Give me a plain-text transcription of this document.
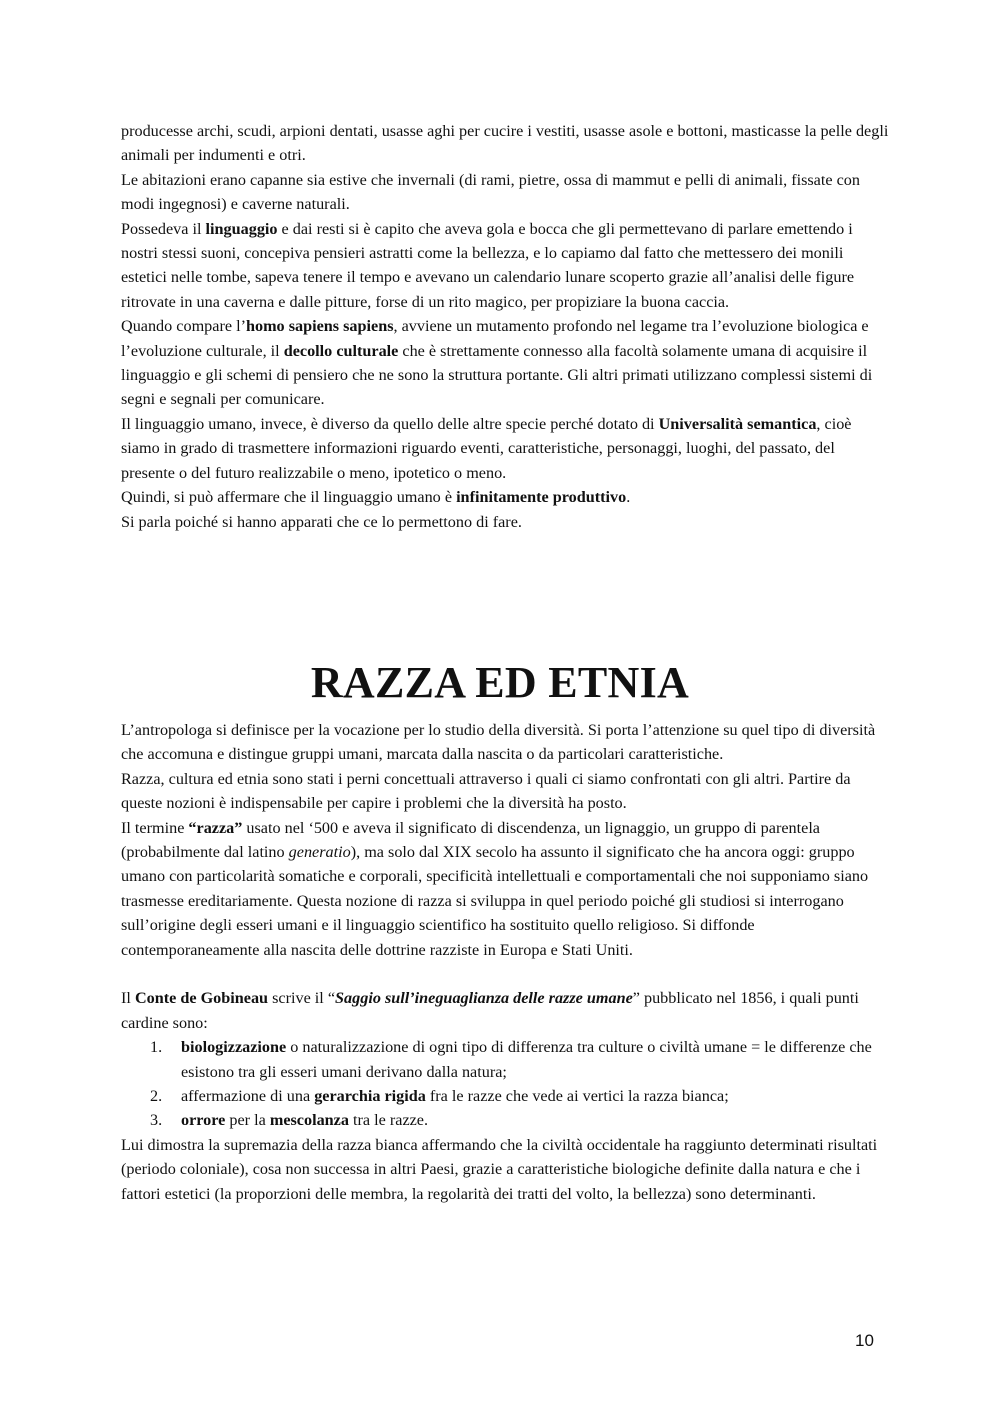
producesse archi, scudi, arpioni dentati, usasse aghi per cucire i vestiti, usasse asole e bottoni, masticasse la pelle degli animali per indumenti e otri.

Le abitazioni erano capanne sia estive che invernali (di rami, pietre, ossa di mammut e pelli di animali, fissate con modi ingegnosi) e caverne naturali.

Possedeva il linguaggio e dai resti si è capito che aveva gola e bocca che gli permettevano di parlare emettendo i nostri stessi suoni, concepiva pensieri astratti come la bellezza, e lo capiamo dal fatto che mettessero dei monili estetici nelle tombe, sapeva tenere il tempo e avevano un calendario lunare scoperto grazie all’analisi delle figure ritrovate in una caverna e dalle pitture, forse di un rito magico, per propiziare la buona caccia.

Quando compare l’homo sapiens sapiens, avviene un mutamento profondo nel legame tra l’evoluzione biologica e l’evoluzione culturale, il decollo culturale che è strettamente connesso alla facoltà solamente umana di acquisire il linguaggio e gli schemi di pensiero che ne sono la struttura portante. Gli altri primati utilizzano complessi sistemi di segni e segnali per comunicare.

Il linguaggio umano, invece, è diverso da quello delle altre specie perché dotato di Universalità semantica, cioè siamo in grado di trasmettere informazioni riguardo eventi, caratteristiche, personaggi, luoghi, del passato, del presente o del futuro realizzabile o meno, ipotetico o meno.

Quindi, si può affermare che il linguaggio umano è infinitamente produttivo.

Si parla poiché si hanno apparati che ce lo permettono di fare.

RAZZA ED ETNIA

L’antropologa si definisce per la vocazione per lo studio della diversità. Si porta l’attenzione su quel tipo di diversità che accomuna e distingue gruppi umani, marcata dalla nascita o da particolari caratteristiche.

Razza, cultura ed etnia sono stati i perni concettuali attraverso i quali ci siamo confrontati con gli altri. Partire da queste nozioni è indispensabile per capire i problemi che la diversità ha posto.

Il termine “razza” usato nel ‘500 e aveva il significato di discendenza, un lignaggio, un gruppo di parentela (probabilmente dal latino generatio), ma solo dal XIX secolo ha assunto il significato che ha ancora oggi: gruppo umano con particolarità somatiche e corporali, specificità intellettuali e comportamentali che noi supponiamo siano trasmesse ereditariamente. Questa nozione di razza si sviluppa in quel periodo poiché gli studiosi si interrogano sull’origine degli esseri umani e il linguaggio scientifico ha sostituito quello religioso. Si diffonde contemporaneamente alla nascita delle dottrine razziste in Europa e Stati Uniti.

Il Conte de Gobineau scrive il “Saggio sull’ineguaglianza delle razze umane” pubblicato nel 1856, i quali punti cardine sono:

1. biologizzazione o naturalizzazione di ogni tipo di differenza tra culture o civiltà umane = le differenze che esistono tra gli esseri umani derivano dalla natura;
2. affermazione di una gerarchia rigida fra le razze che vede ai vertici la razza bianca;
3. orrore per la mescolanza tra le razze.

Lui dimostra la supremazia della razza bianca affermando che la civiltà occidentale ha raggiunto determinati risultati (periodo coloniale), cosa non successa in altri Paesi, grazie a caratteristiche biologiche definite dalla natura e che i fattori estetici (la proporzioni delle membra, la regolarità dei tratti del volto, la bellezza) sono determinanti.

10
